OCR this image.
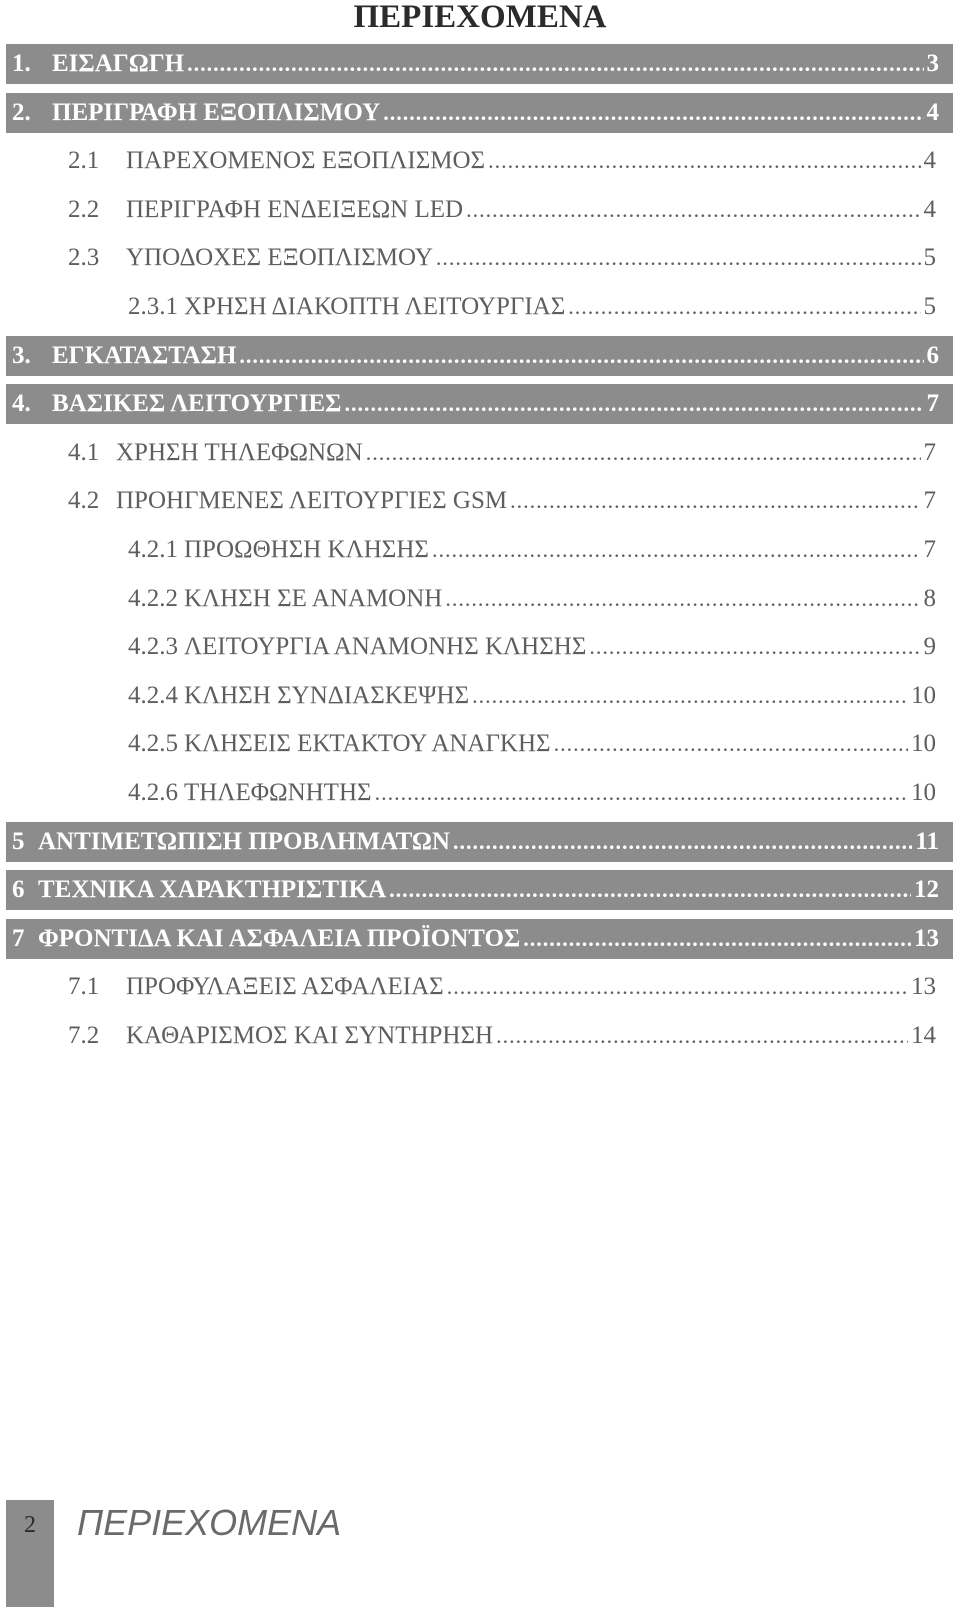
ΠΕΡΙΕΧΟΜΕΝΑ
1. ΕΙΣΑΓΩΓΗ .....	3
2. ΠΕΡΙΓΡΑΦΗ ΕΞΟΠΛΙΣΜΟΥ .....	4
2.1	ΠΑΡΕΧΟΜΕΝΟΣ ΕΞΟΠΛΙΣΜΟΣ .....	4
2.2	ΠΕΡΙΓΡΑΦΗ ΕΝΔΕΙΞΕΩΝ LED .....	4
2.3	ΥΠΟΔΟΧΕΣ ΕΞΟΠΛΙΣΜΟΥ .....	5
2.3.1 ΧΡΗΣΗ ΔΙΑΚΟΠΤΗ ΛΕΙΤΟΥΡΓΙΑΣ .....	5
3. ΕΓΚΑΤΑΣΤΑΣΗ .....	6
4. ΒΑΣΙΚΕΣ ΛΕΙΤΟΥΡΓΙΕΣ .....	7
4.1 ΧΡΗΣΗ ΤΗΛΕΦΩΝΩΝ .....	7
4.2 ΠΡΟΗΓΜΕΝΕΣ ΛΕΙΤΟΥΡΓΙΕΣ GSM .....	7
4.2.1 ΠΡΟΩΘΗΣΗ ΚΛΗΣΗΣ .....	7
4.2.2 ΚΛΗΣΗ ΣΕ ΑΝΑΜΟΝΗ .....	8
4.2.3 ΛΕΙΤΟΥΡΓΙΑ ΑΝΑΜΟΝΗΣ ΚΛΗΣΗΣ .....	9
4.2.4 ΚΛΗΣΗ ΣΥΝΔΙΑΣΚΕΨΗΣ .....	10
4.2.5 ΚΛΗΣΕΙΣ ΕΚΤΑΚΤΟΥ ΑΝΑΓΚΗΣ .....	10
4.2.6 ΤΗΛΕΦΩΝΗΤΗΣ .....	10
5 ΑΝΤΙΜΕΤΩΠΙΣΗ ΠΡΟΒΛΗΜΑΤΩΝ .....	11
6 ΤΕΧΝΙΚΑ ΧΑΡΑΚΤΗΡΙΣΤΙΚΑ .....	12
7 ΦΡΟΝΤΙΔΑ ΚΑΙ ΑΣΦΑΛΕΙΑ ΠΡΟΪΟΝΤΟΣ .....	13
7.1	ΠΡΟΦΥΛΑΞΕΙΣ ΑΣΦΑΛΕΙΑΣ .....	13
7.2	ΚΑΘΑΡΙΣΜΟΣ ΚΑΙ ΣΥΝΤΗΡΗΣΗ .....	14
2	ΠΕΡΙΕΧΟΜΕΝΑ
